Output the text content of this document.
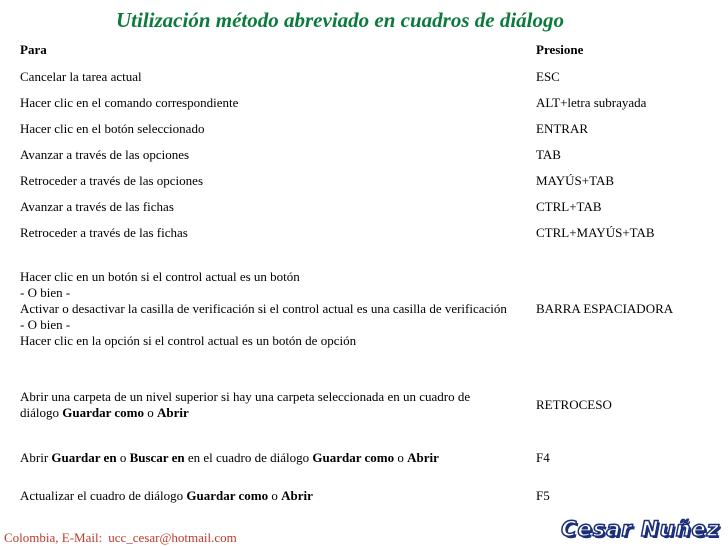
Utilización método abreviado en cuadros de diálogo
Para	Presione
Cancelar la tarea actual	ESC
Hacer clic en el comando correspondiente	ALT+letra subrayada
Hacer clic en el botón seleccionado	ENTRAR
Avanzar a través de las opciones	TAB
Retroceder a través de las opciones	MAYÚS+TAB
Avanzar a través de las fichas	CTRL+TAB
Retroceder a través de las fichas	CTRL+MAYÚS+TAB

Hacer clic en un botón si el control actual es un botón
- O bien -
Activar o desactivar la casilla de verificación si el control actual es una casilla de verificación
- O bien -
Hacer clic en la opción si el control actual es un botón de opción	BARRA ESPACIADORA
Abrir una carpeta de un nivel superior si hay una carpeta seleccionada en un cuadro de diálogo Guardar como o Abrir	RETROCESO
Abrir Guardar en o Buscar en en el cuadro de diálogo Guardar como o Abrir	F4
Actualizar el cuadro de diálogo Guardar como o Abrir	F5
Colombia, E-Mail: ucc_cesar@hotmail.com	Cesar Nuñez
